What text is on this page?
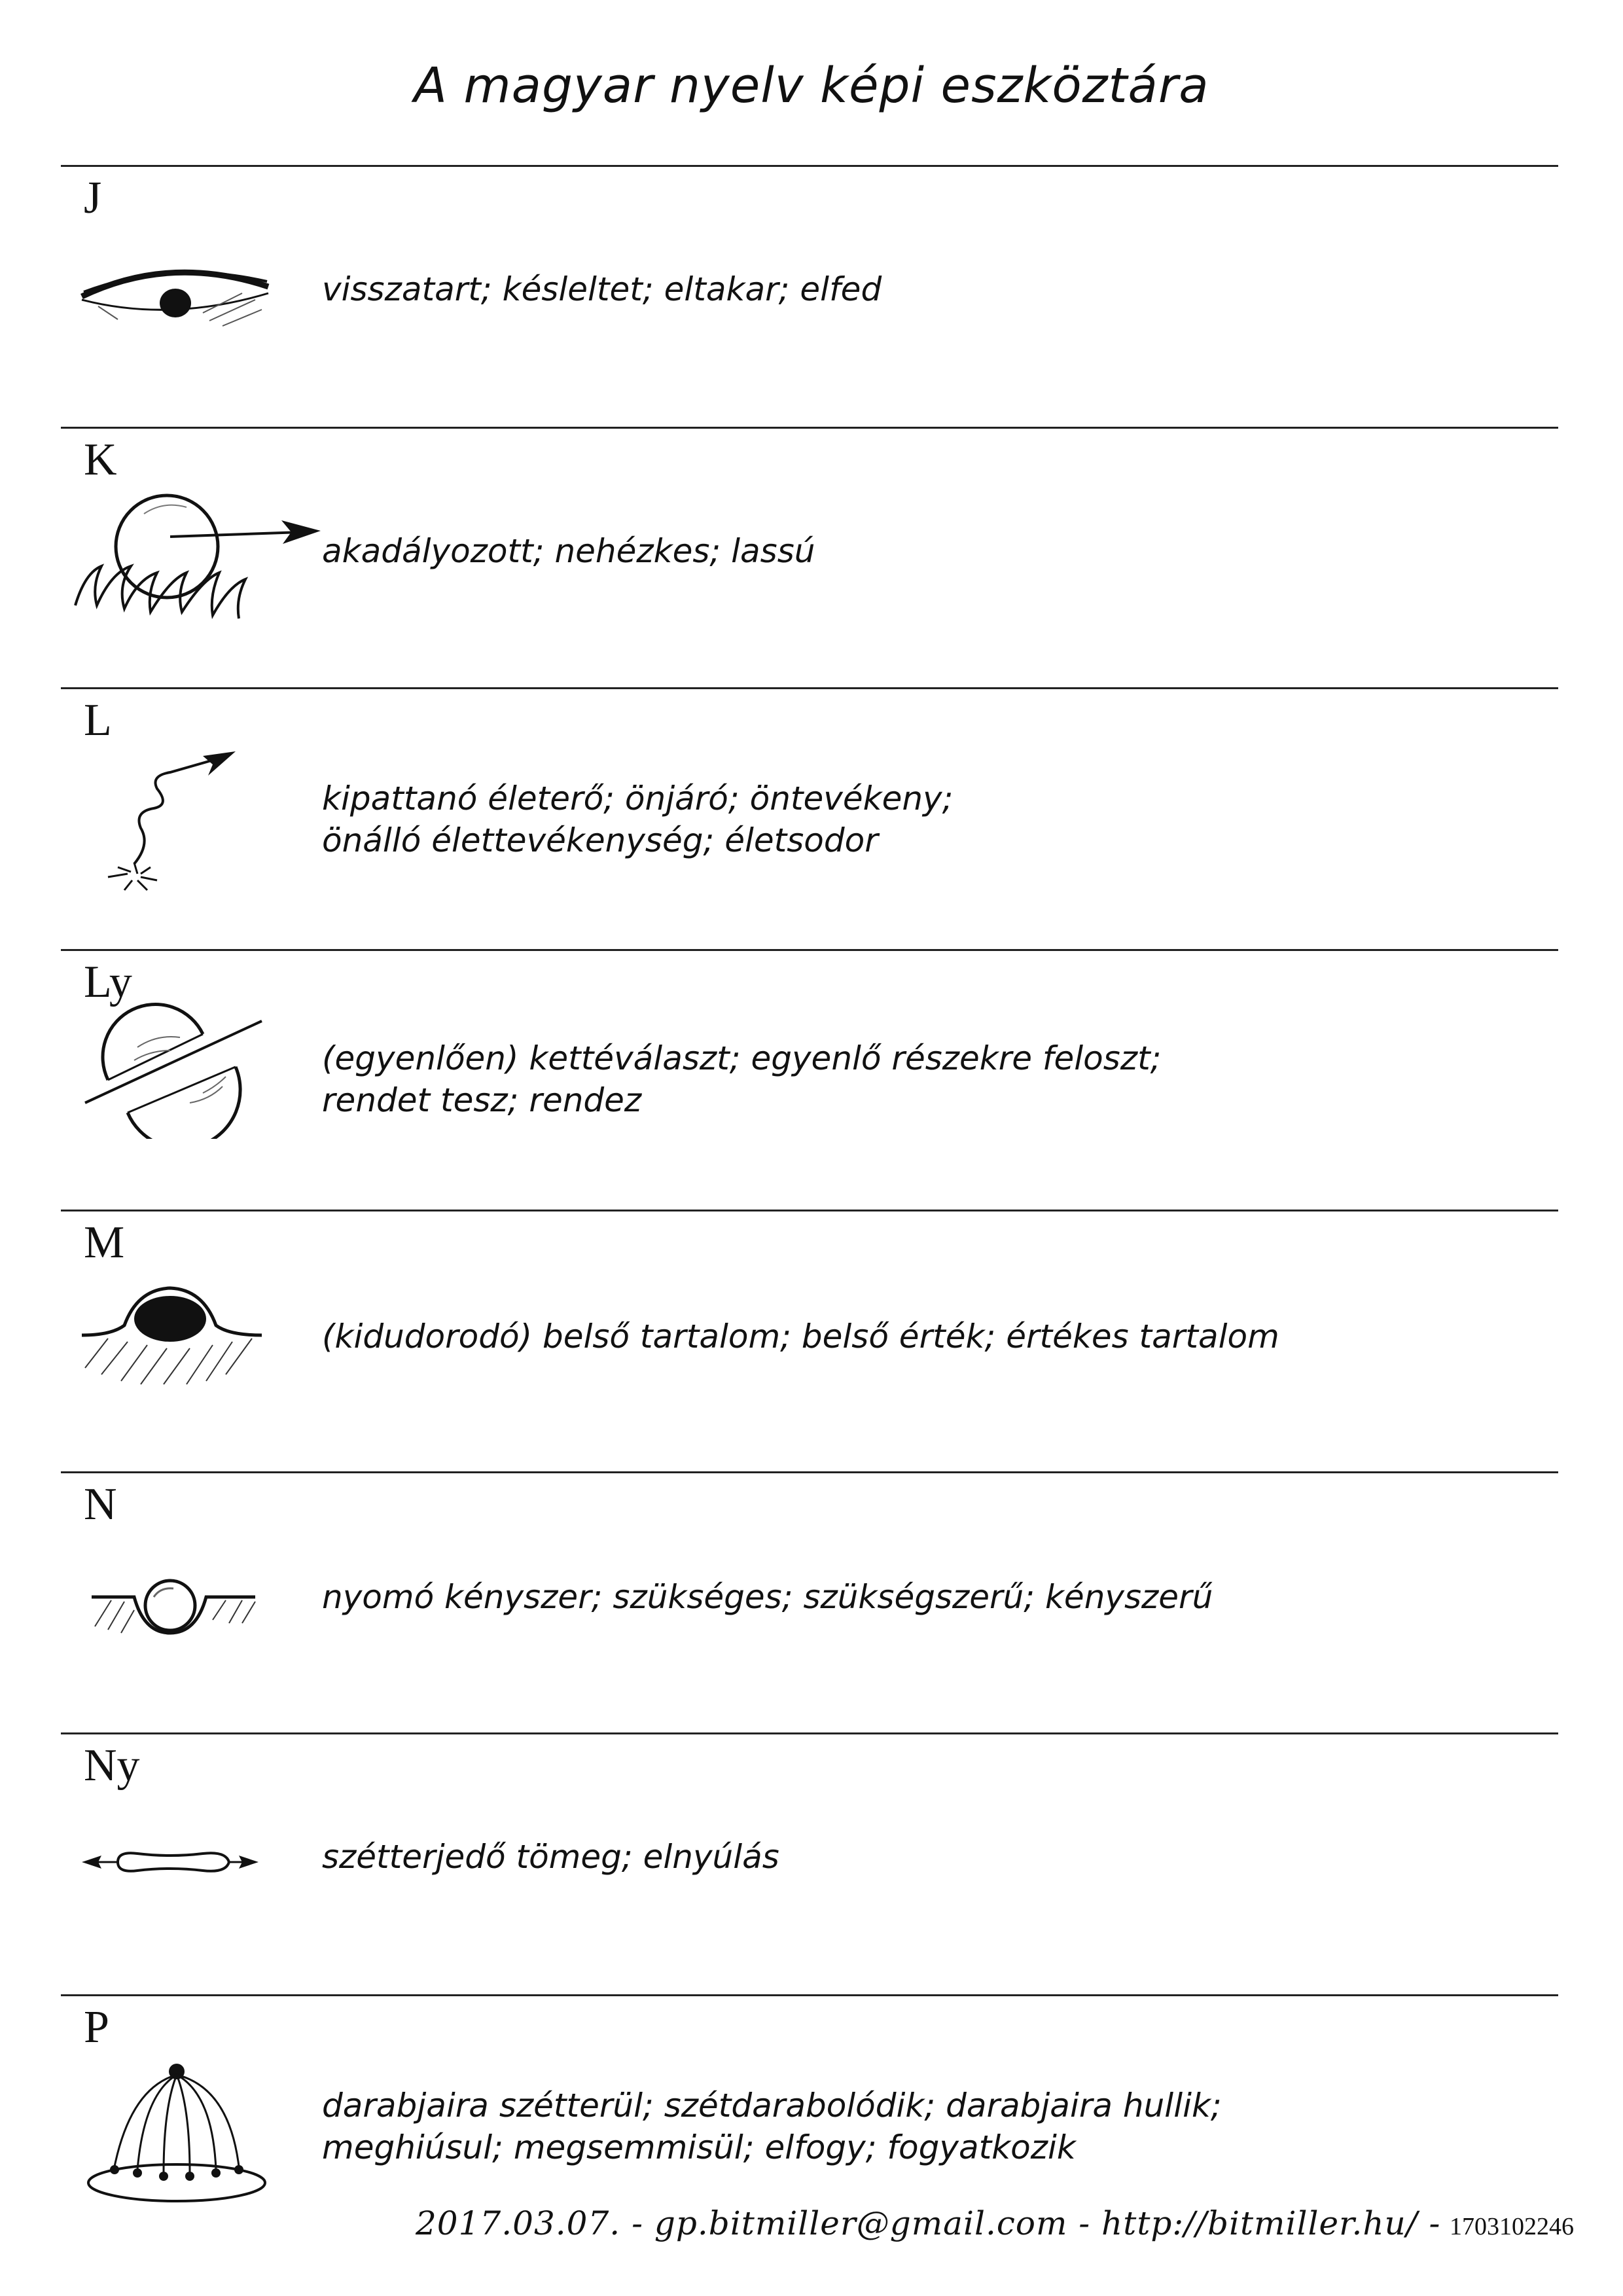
A magyar nyelv képi eszköztára
J
visszatart; késleltet; eltakar; elfed
K
akadályozott; nehézkes; lassú
L
kipattanó életerő; önjáró; öntevékeny;
önálló élettevékenység; életsodor
Ly
(egyenlően) kettéválaszt; egyenlő részekre feloszt;
rendet tesz; rendez
M
(kidudorodó) belső tartalom; belső érték; értékes tartalom
N
nyomó kényszer; szükséges; szükségszerű; kényszerű
Ny
szétterjedő tömeg; elnyúlás
P
darabjaira szétterül; szétdarabolódik; darabjaira hullik;
meghiúsul; megsemmisül; elfogy; fogyatkozik
2017.03.07. - gp.bitmiller@gmail.com - http://bitmiller.hu/ - 1703102246
